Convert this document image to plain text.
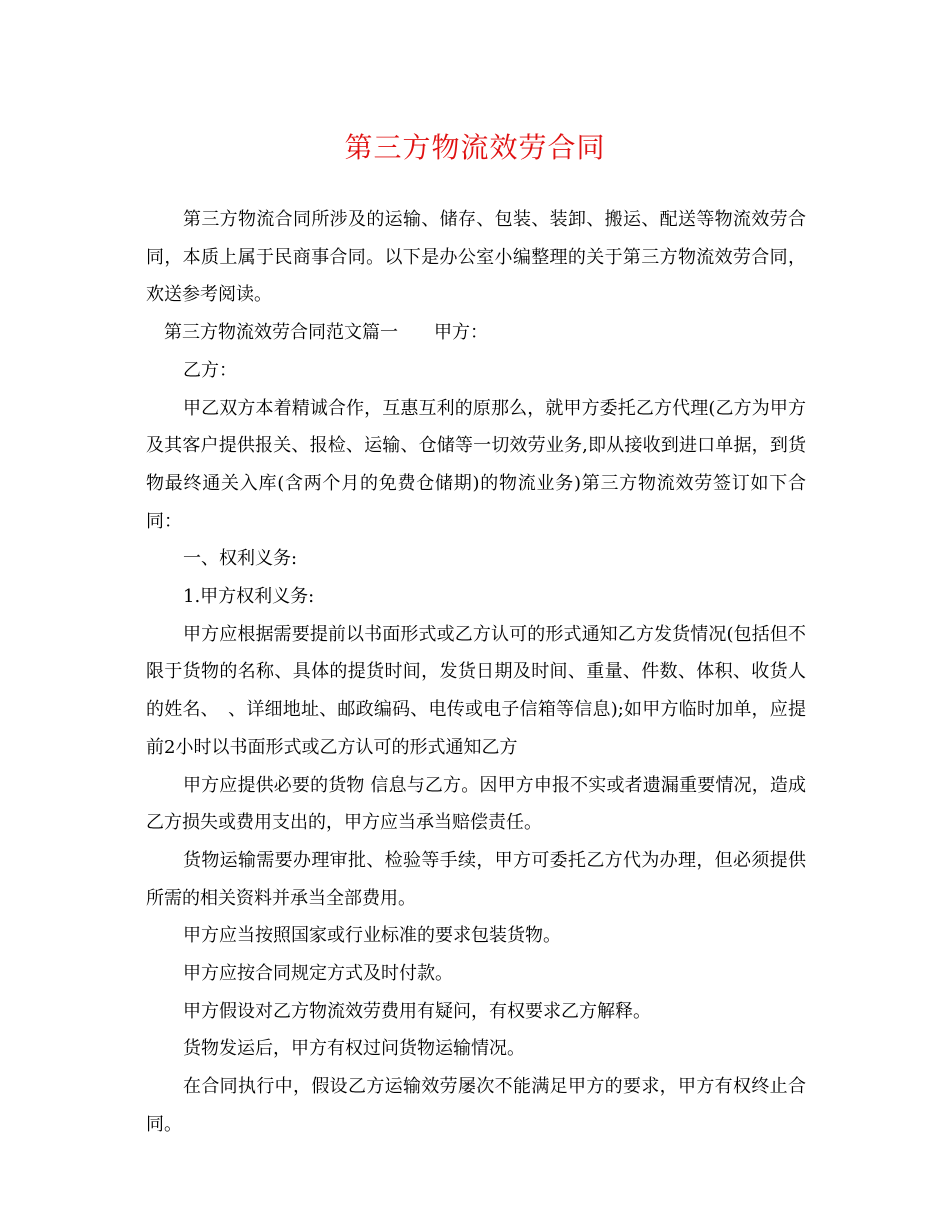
第三方物流效劳合同

第三方物流合同所涉及的运输、储存、包装、装卸、搬运、配送等物流效劳合同，本质上属于民商事合同。以下是办公室小编整理的关于第三方物流效劳合同，欢送参考阅读。

第三方物流效劳合同范文篇一 甲方：

乙方：

甲乙双方本着精诚合作，互惠互利的原那么，就甲方委托乙方代理(乙方为甲方及其客户提供报关、报检、运输、仓储等一切效劳业务,即从接收到进口单据，到货物最终通关入库(含两个月的免费仓储期)的物流业务)第三方物流效劳签订如下合同：

一、权利义务:

1.甲方权利义务:

甲方应根据需要提前以书面形式或乙方认可的形式通知乙方发货情况(包括但不限于货物的名称、具体的提货时间，发货日期及时间、重量、件数、体积、收货人的姓名、　、详细地址、邮政编码、电传或电子信箱等信息);如甲方临时加单，应提前2小时以书面形式或乙方认可的形式通知乙方

甲方应提供必要的货物 信息与乙方。因甲方申报不实或者遗漏重要情况，造成乙方损失或费用支出的，甲方应当承当赔偿责任。

货物运输需要办理审批、检验等手续，甲方可委托乙方代为办理，但必须提供所需的相关资料并承当全部费用。

甲方应当按照国家或行业标准的要求包装货物。

甲方应按合同规定方式及时付款。

甲方假设对乙方物流效劳费用有疑问，有权要求乙方解释。

货物发运后，甲方有权过问货物运输情况。

在合同执行中，假设乙方运输效劳屡次不能满足甲方的要求，甲方有权终止合同。
